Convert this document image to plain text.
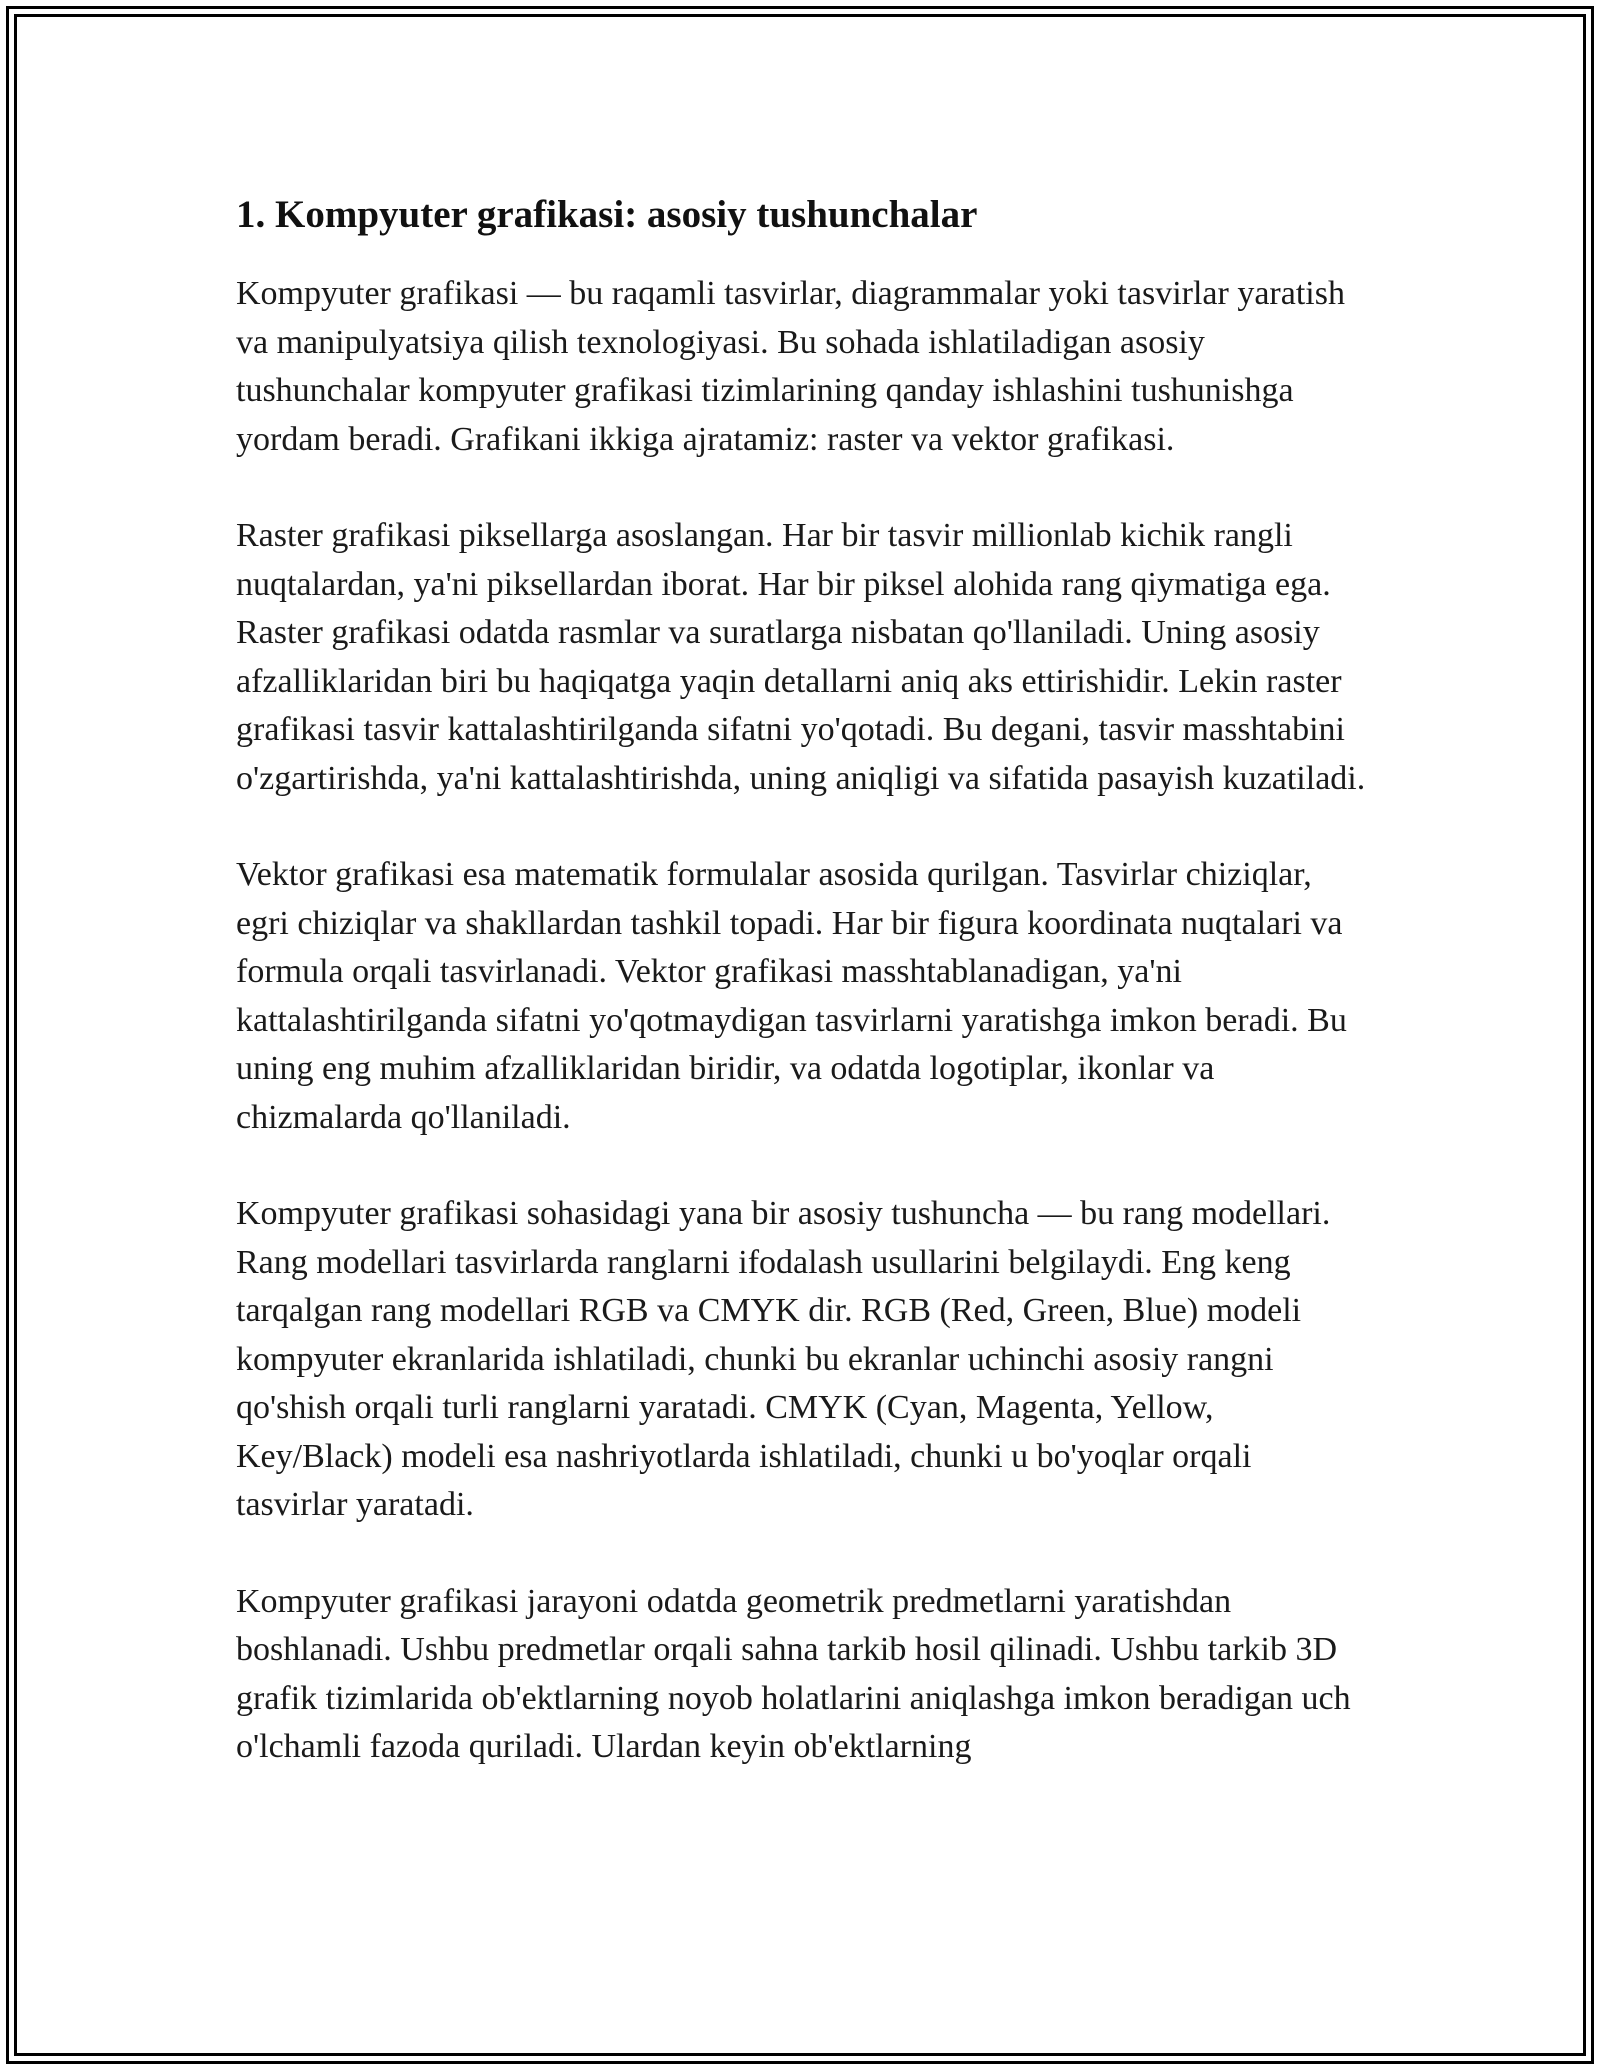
1. Kompyuter grafikasi: asosiy tushunchalar

Kompyuter grafikasi — bu raqamli tasvirlar, diagrammalar yoki tasvirlar yaratish va manipulyatsiya qilish texnologiyasi. Bu sohada ishlatiladigan asosiy tushunchalar kompyuter grafikasi tizimlarining qanday ishlashini tushunishga yordam beradi. Grafikani ikkiga ajratamiz: raster va vektor grafikasi.

Raster grafikasi piksellarga asoslangan. Har bir tasvir millionlab kichik rangli nuqtalardan, ya'ni piksellardan iborat. Har bir piksel alohida rang qiymatiga ega. Raster grafikasi odatda rasmlar va suratlarga nisbatan qo'llaniladi. Uning asosiy afzalliklaridan biri bu haqiqatga yaqin detallarni aniq aks ettirishidir. Lekin raster grafikasi tasvir kattalashtirilganda sifatni yo'qotadi. Bu degani, tasvir masshtabini o'zgartirishda, ya'ni kattalashtirishda, uning aniqligi va sifatida pasayish kuzatiladi.

Vektor grafikasi esa matematik formulalar asosida qurilgan. Tasvirlar chiziqlar, egri chiziqlar va shakllardan tashkil topadi. Har bir figura koordinata nuqtalari va formula orqali tasvirlanadi. Vektor grafikasi masshtablanadigan, ya'ni kattalashtirilganda sifatni yo'qotmaydigan tasvirlarni yaratishga imkon beradi. Bu uning eng muhim afzalliklaridan biridir, va odatda logotiplar, ikonlar va chizmalarda qo'llaniladi.

Kompyuter grafikasi sohasidagi yana bir asosiy tushuncha — bu rang modellari. Rang modellari tasvirlarda ranglarni ifodalash usullarini belgilaydi. Eng keng tarqalgan rang modellari RGB va CMYK dir. RGB (Red, Green, Blue) modeli kompyuter ekranlarida ishlatiladi, chunki bu ekranlar uchinchi asosiy rangni qo'shish orqali turli ranglarni yaratadi. CMYK (Cyan, Magenta, Yellow, Key/Black) modeli esa nashriyotlarda ishlatiladi, chunki u bo'yoqlar orqali tasvirlar yaratadi.

Kompyuter grafikasi jarayoni odatda geometrik predmetlarni yaratishdan boshlanadi. Ushbu predmetlar orqali sahna tarkib hosil qilinadi. Ushbu tarkib 3D grafik tizimlarida ob'ektlarning noyob holatlarini aniqlashga imkon beradigan uch o'lchamli fazoda quriladi. Ulardan keyin ob'ektlarning
